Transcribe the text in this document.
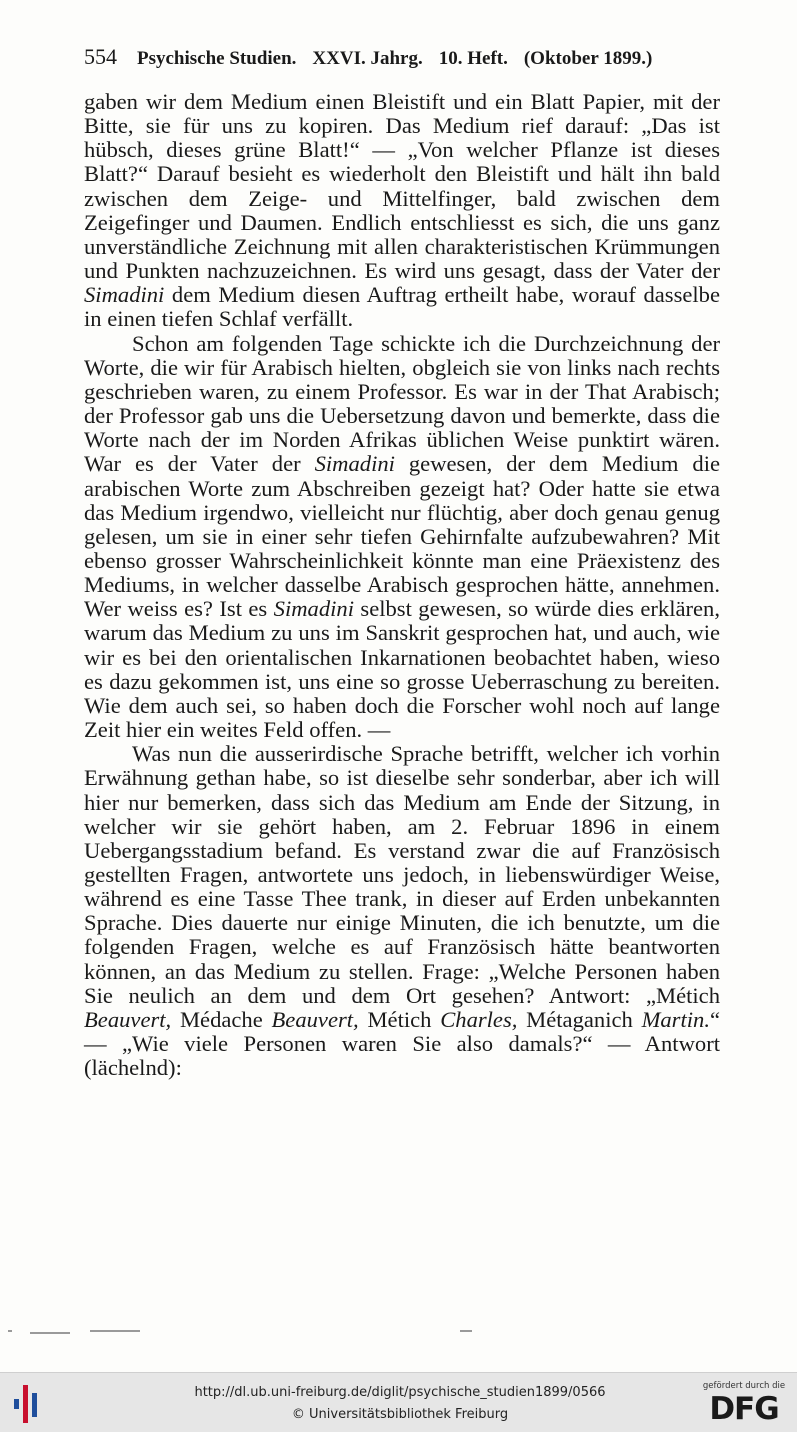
554 Psychische Studien. XXVI. Jahrg. 10. Heft. (Oktober 1899.)

gaben wir dem Medium einen Bleistift und ein Blatt Papier, mit der Bitte, sie für uns zu kopiren. Das Medium rief darauf: „Das ist hübsch, dieses grüne Blatt!“ — „Von welcher Pflanze ist dieses Blatt?“ Darauf besieht es wiederholt den Bleistift und hält ihn bald zwischen dem Zeige- und Mittelfinger, bald zwischen dem Zeigefinger und Daumen. Endlich entschliesst es sich, die uns ganz unverständliche Zeichnung mit allen charakteristischen Krümmungen und Punkten nachzuzeichnen. Es wird uns gesagt, dass der Vater der Simadini dem Medium diesen Auftrag ertheilt habe, worauf dasselbe in einen tiefen Schlaf verfällt.

Schon am folgenden Tage schickte ich die Durchzeichnung der Worte, die wir für Arabisch hielten, obgleich sie von links nach rechts geschrieben waren, zu einem Professor. Es war in der That Arabisch; der Professor gab uns die Uebersetzung davon und bemerkte, dass die Worte nach der im Norden Afrikas üblichen Weise punktirt wären. War es der Vater der Simadini gewesen, der dem Medium die arabischen Worte zum Abschreiben gezeigt hat? Oder hatte sie etwa das Medium irgendwo, vielleicht nur flüchtig, aber doch genau genug gelesen, um sie in einer sehr tiefen Gehirnfalte aufzubewahren? Mit ebenso grosser Wahrscheinlichkeit könnte man eine Präexistenz des Mediums, in welcher dasselbe Arabisch gesprochen hätte, annehmen. Wer weiss es? Ist es Simadini selbst gewesen, so würde dies erklären, warum das Medium zu uns im Sanskrit gesprochen hat, und auch, wie wir es bei den orientalischen Inkarnationen beobachtet haben, wieso es dazu gekommen ist, uns eine so grosse Ueberraschung zu bereiten. Wie dem auch sei, so haben doch die Forscher wohl noch auf lange Zeit hier ein weites Feld offen. —

Was nun die ausserirdische Sprache betrifft, welcher ich vorhin Erwähnung gethan habe, so ist dieselbe sehr sonderbar, aber ich will hier nur bemerken, dass sich das Medium am Ende der Sitzung, in welcher wir sie gehört haben, am 2. Februar 1896 in einem Uebergangsstadium befand. Es verstand zwar die auf Französisch gestellten Fragen, antwortete uns jedoch, in liebenswürdiger Weise, während es eine Tasse Thee trank, in dieser auf Erden unbekannten Sprache. Dies dauerte nur einige Minuten, die ich benutzte, um die folgenden Fragen, welche es auf Französisch hätte beantworten können, an das Medium zu stellen. Frage: „Welche Personen haben Sie neulich an dem und dem Ort gesehen? Antwort: „Métich Beauvert, Médache Beauvert, Métich Charles, Métaganich Martin.“ — „Wie viele Personen waren Sie also damals?“ — Antwort (lächelnd):

http://dl.ub.uni-freiburg.de/diglit/psychische_studien1899/0566
© Universitätsbibliothek Freiburg
gefördert durch die
DFG
